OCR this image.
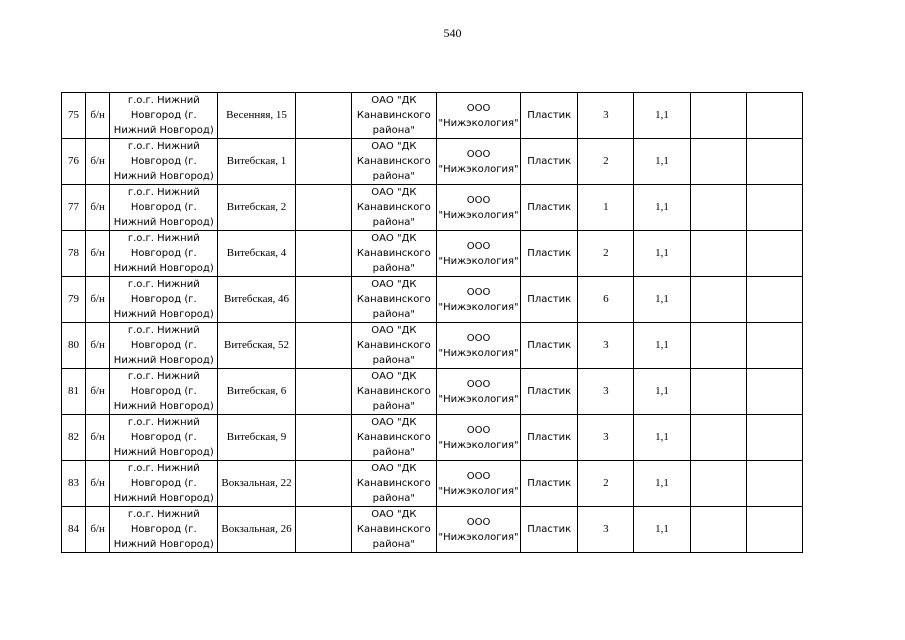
540
75	б/н	г.о.г. Нижний Новгород (г. Нижний Новгород)	Весенняя, 15		ОАО "ДК Канавинского района"	ООО "Нижэкология"	Пластик	3	1,1		
76	б/н	г.о.г. Нижний Новгород (г. Нижний Новгород)	Витебская, 1		ОАО "ДК Канавинского района"	ООО "Нижэкология"	Пластик	2	1,1		
77	б/н	г.о.г. Нижний Новгород (г. Нижний Новгород)	Витебская, 2		ОАО "ДК Канавинского района"	ООО "Нижэкология"	Пластик	1	1,1		
78	б/н	г.о.г. Нижний Новгород (г. Нижний Новгород)	Витебская, 4		ОАО "ДК Канавинского района"	ООО "Нижэкология"	Пластик	2	1,1		
79	б/н	г.о.г. Нижний Новгород (г. Нижний Новгород)	Витебская, 46		ОАО "ДК Канавинского района"	ООО "Нижэкология"	Пластик	6	1,1		
80	б/н	г.о.г. Нижний Новгород (г. Нижний Новгород)	Витебская, 52		ОАО "ДК Канавинского района"	ООО "Нижэкология"	Пластик	3	1,1		
81	б/н	г.о.г. Нижний Новгород (г. Нижний Новгород)	Витебская, 6		ОАО "ДК Канавинского района"	ООО "Нижэкология"	Пластик	3	1,1		
82	б/н	г.о.г. Нижний Новгород (г. Нижний Новгород)	Витебская, 9		ОАО "ДК Канавинского района"	ООО "Нижэкология"	Пластик	3	1,1		
83	б/н	г.о.г. Нижний Новгород (г. Нижний Новгород)	Вокзальная, 22		ОАО "ДК Канавинского района"	ООО "Нижэкология"	Пластик	2	1,1		
84	б/н	г.о.г. Нижний Новгород (г. Нижний Новгород)	Вокзальная, 26		ОАО "ДК Канавинского района"	ООО "Нижэкология"	Пластик	3	1,1		
